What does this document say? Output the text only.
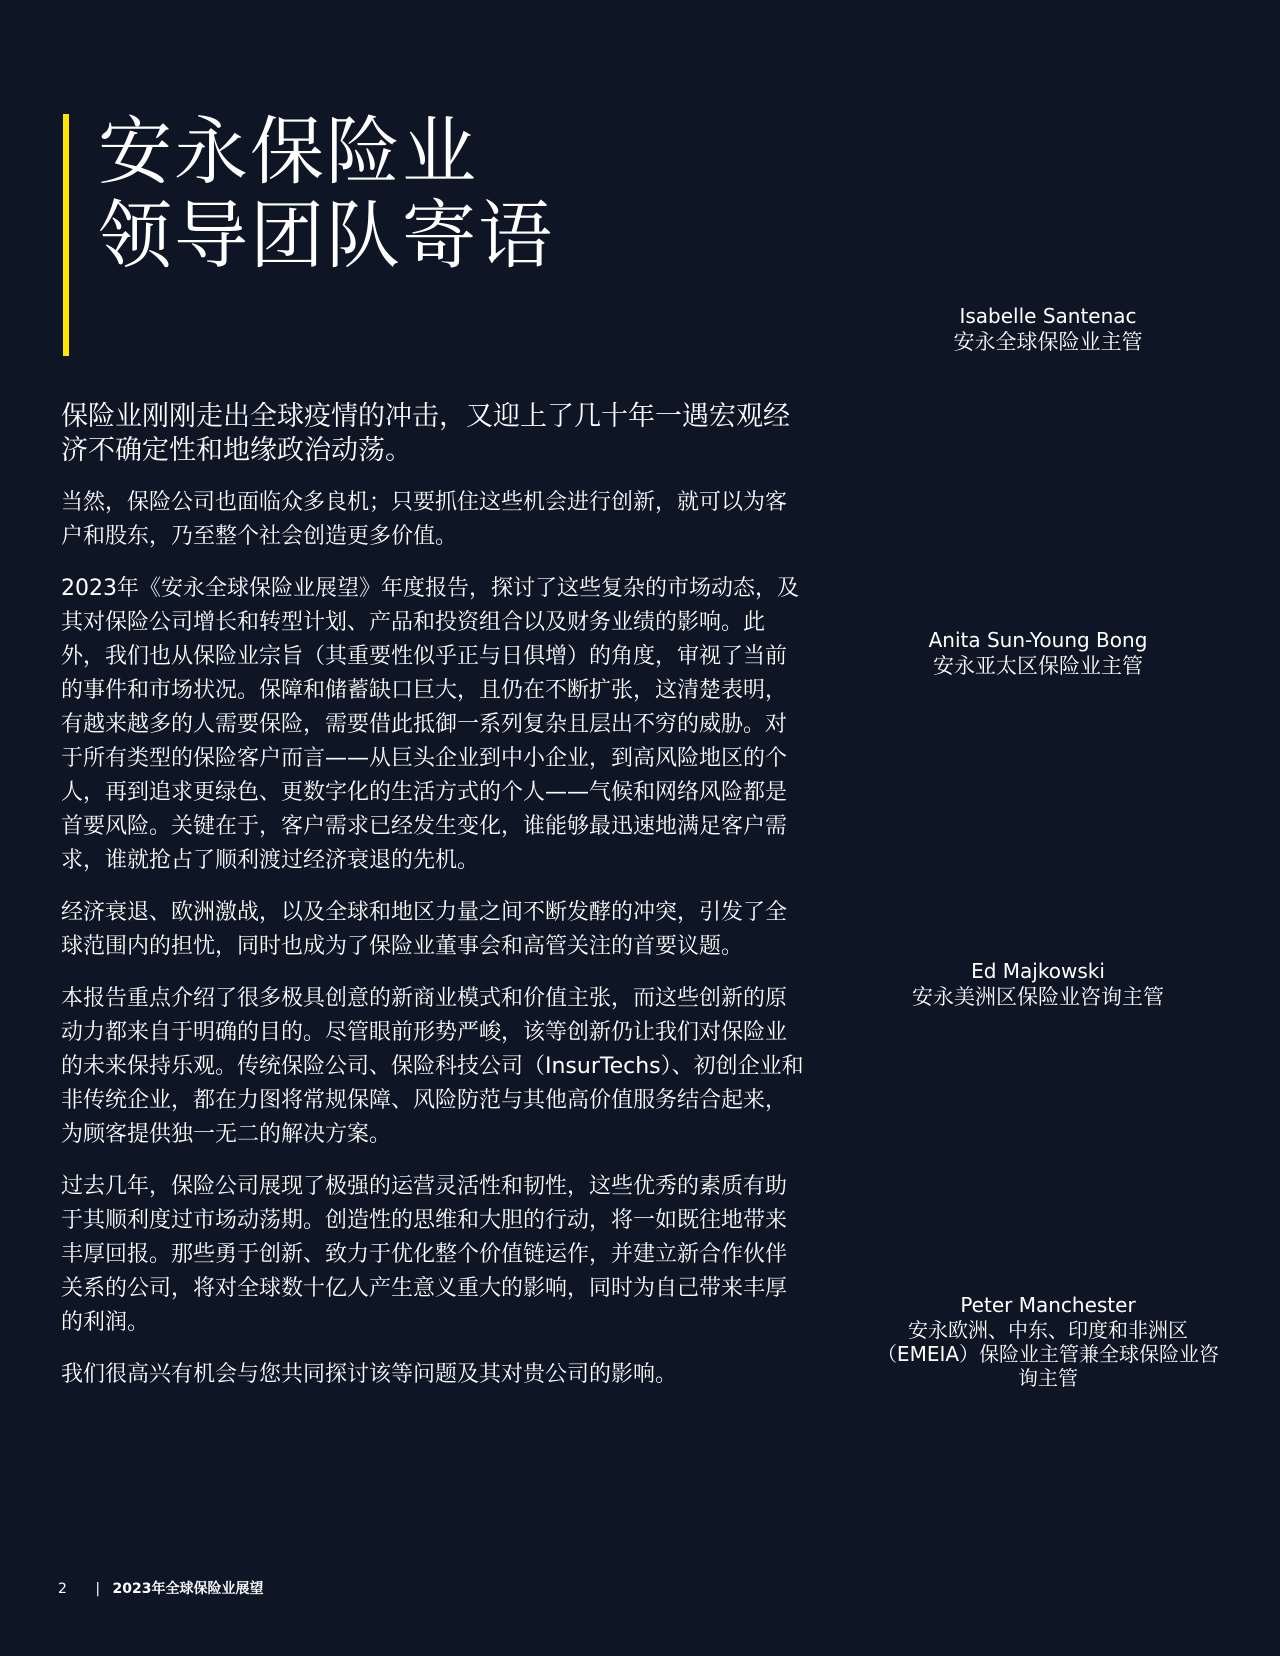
安永保险业
领导团队寄语

保险业刚刚走出全球疫情的冲击，又迎上了几十年一遇宏观经济不确定性和地缘政治动荡。

当然，保险公司也面临众多良机；只要抓住这些机会进行创新，就可以为客户和股东，乃至整个社会创造更多价值。

2023年《安永全球保险业展望》年度报告，探讨了这些复杂的市场动态，及其对保险公司增长和转型计划、产品和投资组合以及财务业绩的影响。此外，我们也从保险业宗旨（其重要性似乎正与日俱增）的角度，审视了当前的事件和市场状况。保障和储蓄缺口巨大，且仍在不断扩张，这清楚表明，有越来越多的人需要保险，需要借此抵御一系列复杂且层出不穷的威胁。对于所有类型的保险客户而言——从巨头企业到中小企业，到高风险地区的个人，再到追求更绿色、更数字化的生活方式的个人——气候和网络风险都是首要风险。关键在于，客户需求已经发生变化，谁能够最迅速地满足客户需求，谁就抢占了顺利渡过经济衰退的先机。

经济衰退、欧洲激战，以及全球和地区力量之间不断发酵的冲突，引发了全球范围内的担忧，同时也成为了保险业董事会和高管关注的首要议题。

本报告重点介绍了很多极具创意的新商业模式和价值主张，而这些创新的原动力都来自于明确的目的。尽管眼前形势严峻，该等创新仍让我们对保险业的未来保持乐观。传统保险公司、保险科技公司（InsurTechs）、初创企业和非传统企业，都在力图将常规保障、风险防范与其他高价值服务结合起来，为顾客提供独一无二的解决方案。

过去几年，保险公司展现了极强的运营灵活性和韧性，这些优秀的素质有助于其顺利度过市场动荡期。创造性的思维和大胆的行动，将一如既往地带来丰厚回报。那些勇于创新、致力于优化整个价值链运作，并建立新合作伙伴关系的公司，将对全球数十亿人产生意义重大的影响，同时为自己带来丰厚的利润。

我们很高兴有机会与您共同探讨该等问题及其对贵公司的影响。

Isabelle Santenac
安永全球保险业主管
Anita Sun-Young Bong
安永亚太区保险业主管
Ed Majkowski
安永美洲区保险业咨询主管
Peter Manchester
安永欧洲、中东、印度和非洲区（EMEIA）保险业主管兼全球保险业咨询主管
2 | 2023年全球保险业展望
